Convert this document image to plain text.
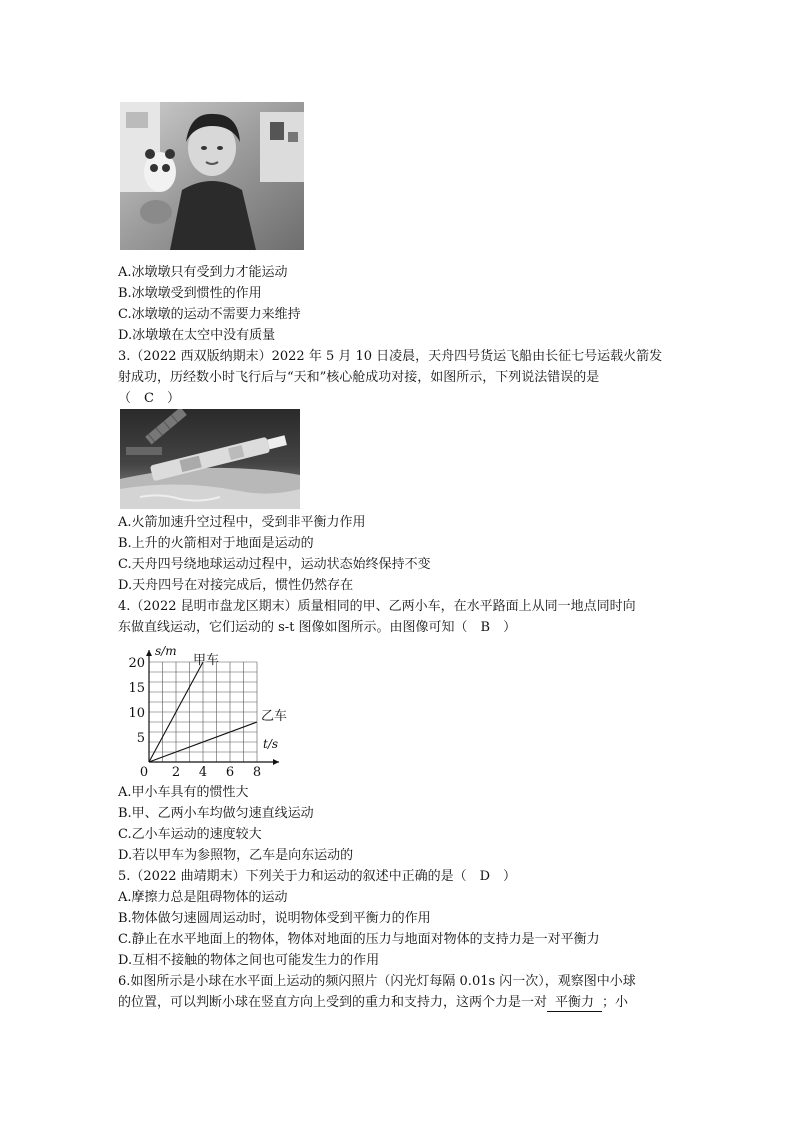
A.冰墩墩只有受到力才能运动
B.冰墩墩受到惯性的作用
C.冰墩墩的运动不需要力来维持
D.冰墩墩在太空中没有质量
3.（2022 西双版纳期末）2022 年 5 月 10 日凌晨，天舟四号货运飞船由长征七号运载火箭发
射成功，历经数小时飞行后与“天和”核心舱成功对接，如图所示，下列说法错误的是
（　C　）
A.火箭加速升空过程中，受到非平衡力作用
B.上升的火箭相对于地面是运动的
C.天舟四号绕地球运动过程中，运动状态始终保持不变
D.天舟四号在对接完成后，惯性仍然存在
4.（2022 昆明市盘龙区期末）质量相同的甲、乙两小车，在水平路面上从同一地点同时向
东做直线运动，它们运动的 s-t 图像如图所示。由图像可知（　B　）
0 2 4 6 8
5
10
15
20
s/m
t/s
甲车
乙车
A.甲小车具有的惯性大
B.甲、乙两小车均做匀速直线运动
C.乙小车运动的速度较大
D.若以甲车为参照物，乙车是向东运动的
5.（2022 曲靖期末）下列关于力和运动的叙述中正确的是（　D　）
A.摩擦力总是阻碍物体的运动
B.物体做匀速圆周运动时，说明物体受到平衡力的作用
C.静止在水平地面上的物体，物体对地面的压力与地面对物体的支持力是一对平衡力
D.互相不接触的物体之间也可能发生力的作用
6.如图所示是小球在水平面上运动的频闪照片（闪光灯每隔 0.01s 闪一次），观察图中小球
的位置，可以判断小球在竖直方向上受到的重力和支持力，这两个力是一对 平衡力 ；小
